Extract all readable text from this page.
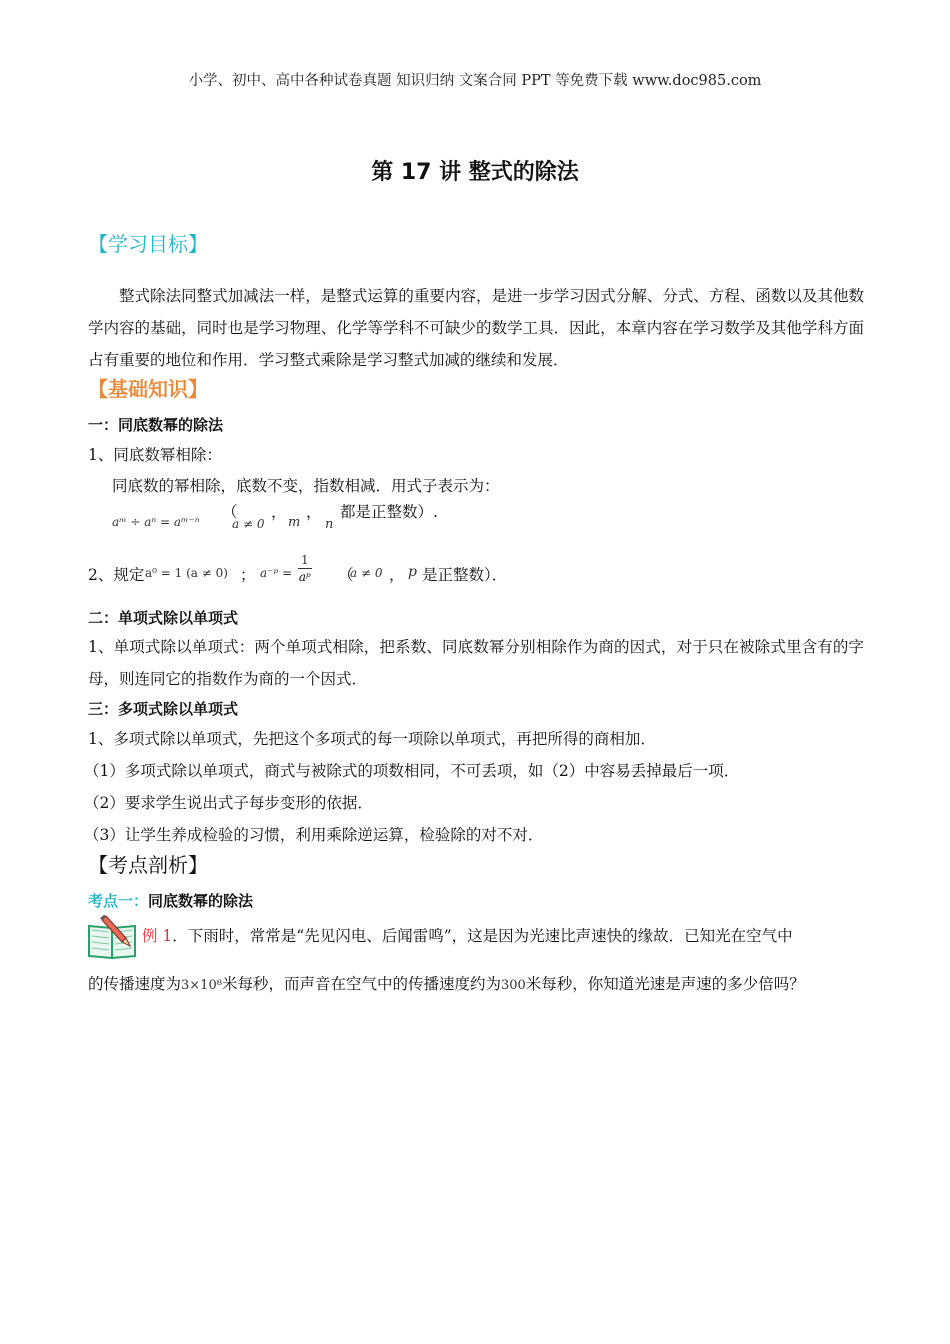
小学、初中、高中各种试卷真题 知识归纳 文案合同 PPT 等免费下载 www.doc985.com
第 17 讲 整式的除法
【学习目标】
整式除法同整式加减法一样，是整式运算的重要内容，是进一步学习因式分解、分式、方程、函数以及其他数学内容的基础，同时也是学习物理、化学等学科不可缺少的数学工具．因此，本章内容在学习数学及其他学科方面占有重要的地位和作用．学习整式乘除是学习整式加减的继续和发展．
【基础知识】
一：同底数幂的除法
1、同底数幂相除：
同底数的幂相除，底数不变，指数相减．用式子表示为：
aᵐ ÷ aⁿ = aᵐ⁻ⁿ
（
a ≠ 0
，
m
，
n
都是正整数）.
2、规定 a⁰ = 1 (a ≠ 0) ； a⁻ᵖ = $\frac{1}{\text{aᵖ}}$ （
a ≠ 0 ， p 是正整数）．
二：单项式除以单项式
1、单项式除以单项式：两个单项式相除，把系数、同底数幂分别相除作为商的因式，对于只在被除式里含有的字母，则连同它的指数作为商的一个因式．
三：多项式除以单项式
1、多项式除以单项式，先把这个多项式的每一项除以单项式，再把所得的商相加．
（1）多项式除以单项式，商式与被除式的项数相同，不可丢项，如（2）中容易丢掉最后一项．
（2）要求学生说出式子每步变形的依据．
（3）让学生养成检验的习惯，利用乘除逆运算，检验除的对不对．
【考点剖析】
考点一：同底数幂的除法
例 1．下雨时，常常是“先见闪电、后闻雷鸣”，这是因为光速比声速快的缘故．已知光在空气中
的传播速度为3×10⁸米每秒，而声音在空气中的传播速度约为300米每秒，你知道光速是声速的多少倍吗？
